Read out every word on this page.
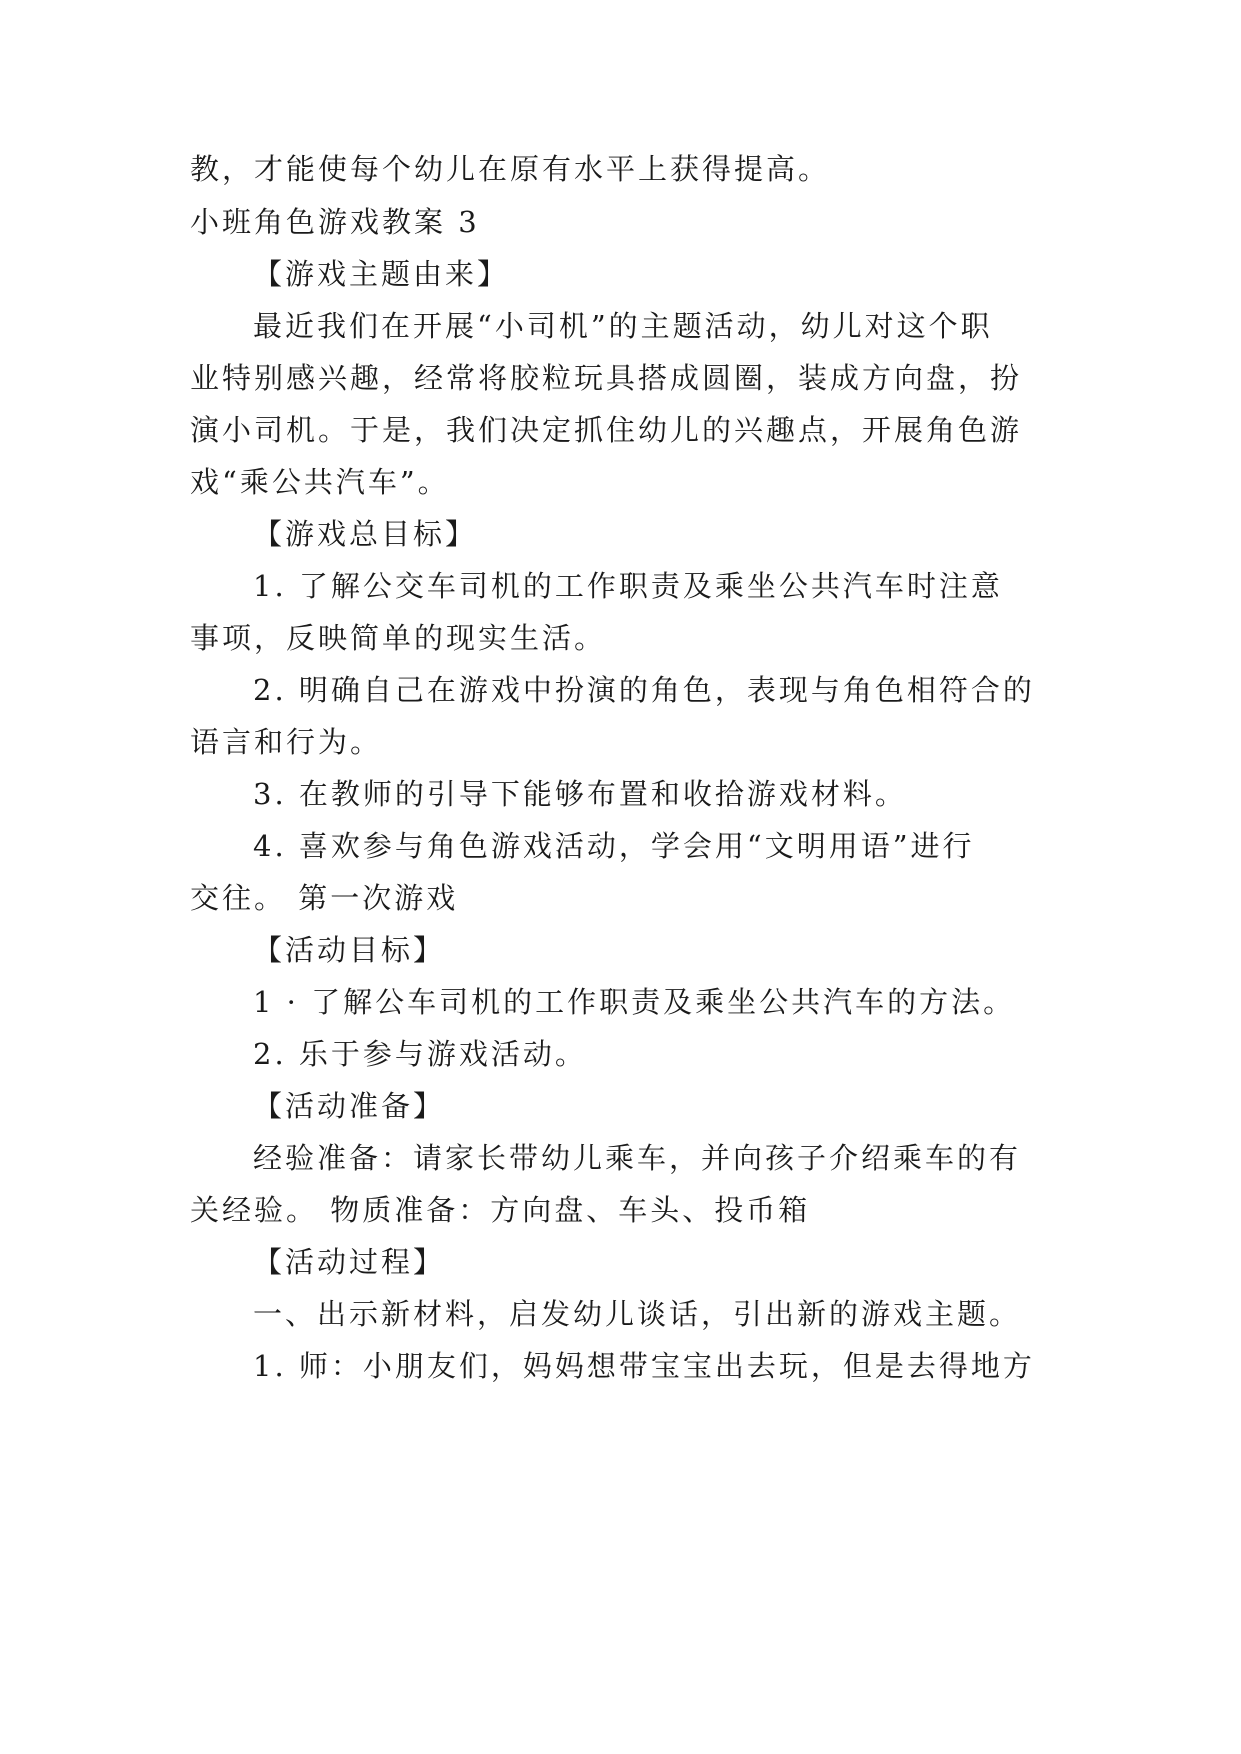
教，才能使每个幼儿在原有水平上获得提高。
小班角色游戏教案 3
【游戏主题由来】
最近我们在开展“小司机”的主题活动，幼儿对这个职
业特别感兴趣，经常将胶粒玩具搭成圆圈，装成方向盘，扮
演小司机。于是，我们决定抓住幼儿的兴趣点，开展角色游
戏“乘公共汽车”。
【游戏总目标】
1. 了解公交车司机的工作职责及乘坐公共汽车时注意
事项，反映简单的现实生活。
2. 明确自己在游戏中扮演的角色，表现与角色相符合的
语言和行为。
3. 在教师的引导下能够布置和收拾游戏材料。
4. 喜欢参与角色游戏活动，学会用“文明用语”进行
交往。 第一次游戏
【活动目标】
1 · 了解公车司机的工作职责及乘坐公共汽车的方法。
2. 乐于参与游戏活动。
【活动准备】
经验准备：请家长带幼儿乘车，并向孩子介绍乘车的有
关经验。 物质准备：方向盘、车头、投币箱
【活动过程】
一、出示新材料，启发幼儿谈话，引出新的游戏主题。
1. 师：小朋友们，妈妈想带宝宝出去玩，但是去得地方
